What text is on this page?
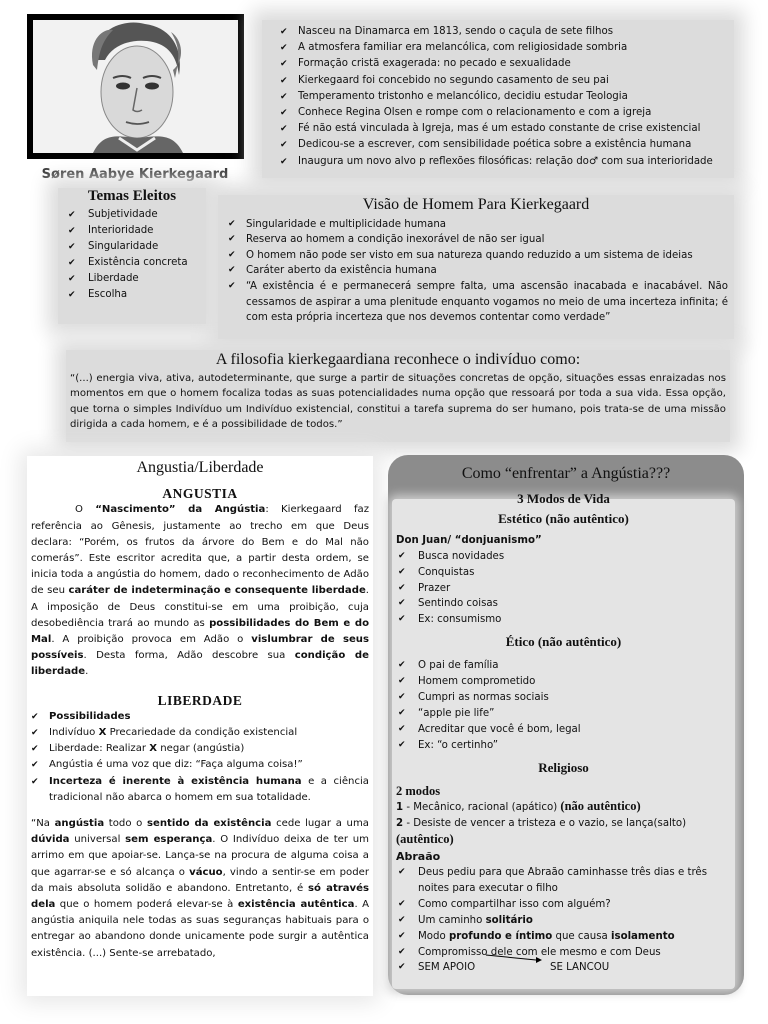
Søren Aabye Kierkegaard
✔ Nasceu na Dinamarca em 1813, sendo o caçula de sete filhos
✔ A atmosfera familiar era melancólica, com religiosidade sombria
✔ Formação cristã exagerada: no pecado e sexualidade
✔ Kierkegaard foi concebido no segundo casamento de seu pai
✔ Temperamento tristonho e melancólico, decidiu estudar Teologia
✔ Conhece Regina Olsen e rompe com o relacionamento e com a igreja
✔ Fé não está vinculada à Igreja, mas é um estado constante de crise existencial
✔ Dedicou-se a escrever, com sensibilidade poética sobre a existência humana
✔ Inaugura um novo alvo p reflexões filosóficas: relação do♂ com sua interioridade
Temas Eleitos
✔ Subjetividade
✔ Interioridade
✔ Singularidade
✔ Existência concreta
✔ Liberdade
✔ Escolha
Visão de Homem Para Kierkegaard
✔ Singularidade e multiplicidade humana
✔ Reserva ao homem a condição inexorável de não ser igual
✔ O homem não pode ser visto em sua natureza quando reduzido a um sistema de ideias
✔ Caráter aberto da existência humana
✔ “A existência é e permanecerá sempre falta, uma ascensão inacabada e inacabável. Não cessamos de aspirar a uma plenitude enquanto vogamos no meio de uma incerteza infinita; é com esta própria incerteza que nos devemos contentar como verdade”
A filosofia kierkegaardiana reconhece o indivíduo como:

“(...) energia viva, ativa, autodeterminante, que surge a partir de situações concretas de opção, situações essas enraizadas nos momentos em que o homem focaliza todas as suas potencialidades numa opção que ressoará por toda a sua vida. Essa opção, que torna o simples Indivíduo um Indivíduo existencial, constitui a tarefa suprema do ser humano, pois trata-se de uma missão dirigida a cada homem, e é a possibilidade de todos.”

Angustia/Liberdade
ANGUSTIA

O “Nascimento” da Angústia: Kierkegaard faz referência ao Gênesis, justamente ao trecho em que Deus declara: “Porém, os frutos da árvore do Bem e do Mal não comerás”. Este escritor acredita que, a partir desta ordem, se inicia toda a angústia do homem, dado o reconhecimento de Adão de seu caráter de indeterminação e consequente liberdade. A imposição de Deus constitui-se em uma proibição, cuja desobediência trará ao mundo as possibilidades do Bem e do Mal. A proibição provoca em Adão o vislumbrar de seus possíveis. Desta forma, Adão descobre sua condição de liberdade.

LIBERDADE
✔ Possibilidades
✔ Indivíduo X Precariedade da condição existencial
✔ Liberdade: Realizar X negar (angústia)
✔ Angústia é uma voz que diz: “Faça alguma coisa!”
✔ Incerteza é inerente à existência humana e a ciência tradicional não abarca o homem em sua totalidade.

“Na angústia todo o sentido da existência cede lugar a uma dúvida universal sem esperança. O Indivíduo deixa de ter um arrimo em que apoiar-se. Lança-se na procura de alguma coisa a que agarrar-se e só alcança o vácuo, vindo a sentir-se em poder da mais absoluta solidão e abandono. Entretanto, é só através dela que o homem poderá elevar-se à existência autêntica. A angústia aniquila nele todas as suas seguranças habituais para o entregar ao abandono donde unicamente pode surgir a autêntica existência. (...) Sente-se arrebatado,

Como “enfrentar” a Angústia???

3 Modos de Vida

Estético (não autêntico)

Don Juan/ “donjuanismo”
✔ Busca novidades
✔ Conquistas
✔ Prazer
✔ Sentindo coisas
✔ Ex: consumismo

Ético (não autêntico)

✔ O pai de família
✔ Homem comprometido
✔ Cumpri as normas sociais
✔ “apple pie life”
✔ Acreditar que você é bom, legal
✔ Ex: “o certinho”

Religioso

2 modos
1 - Mecânico, racional (apático) (não autêntico)
2 - Desiste de vencer a tristeza e o vazio, se lança(salto)
(autêntico)
Abraão
✔ Deus pediu para que Abraão caminhasse três dias e três noites para executar o filho
✔ Como compartilhar isso com alguém?
✔ Um caminho solitário
✔ Modo profundo e íntimo que causa isolamento
✔ Compromisso dele com ele mesmo e com Deus
✔ SEM APOIO	SE LANCOU
